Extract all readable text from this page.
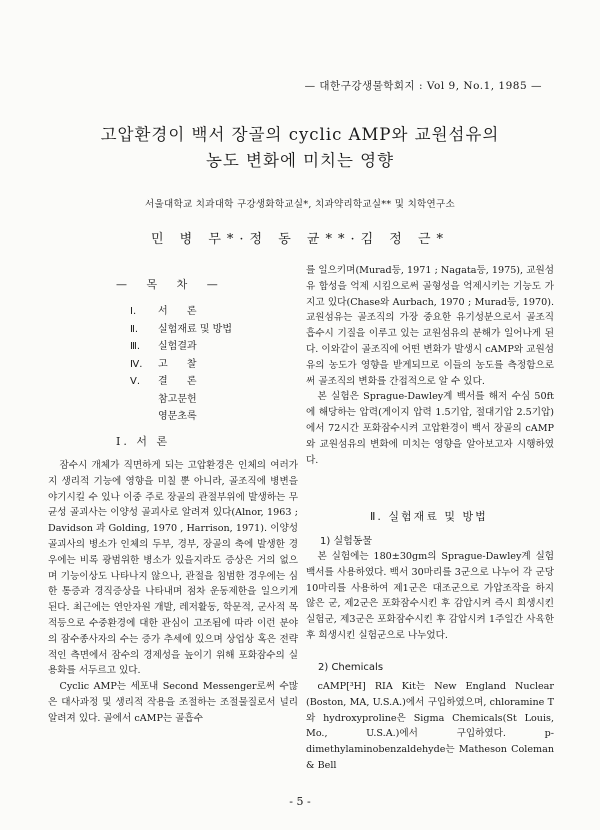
— 대한구강생물학회지 : Vol 9, No.1, 1985 —
고압환경이 백서 장골의 cyclic AMP와 교원섬유의
농도 변화에 미치는 영향
서울대학교 치과대학 구강생화학교실*, 치과약리학교실** 및 치학연구소
민 병 무*·정 동 균**·김 정 근*
— 목 차 —
Ⅰ.	서 론
Ⅱ.	실험재료 및 방법
Ⅲ.	실험결과
Ⅳ.	고 찰
Ⅴ.	결 론
참고문헌
영문초록
Ⅰ. 서 론

잠수시 개체가 직면하게 되는 고압환경은 인체의 여러가지 생리적 기능에 영향을 미칠 뿐 아니라, 골조직에 병변을 야기시킬 수 있나 이중 주로 장골의 관절부위에 발생하는 무균성 골괴사는 이양성 골괴사로 알려져 있다(Alnor, 1963 ; Davidson 과 Golding, 1970 , Harrison, 1971). 이양성 골괴사의 병소가 인체의 두부, 경부, 장골의 축에 발생한 경우에는 비록 광범위한 병소가 있을지라도 증상은 거의 없으며 기능이상도 나타나지 않으나, 관절을 침범한 경우에는 심한 통증과 경직증상을 나타내며 점차 운동제한을 일으키게 된다. 최근에는 연안자원 개발, 레저활동, 학문적, 군사적 목적등으로 수중환경에 대한 관심이 고조됨에 따라 이런 분야의 잠수종사자의 수는 증가 추세에 있으며 상업상 혹은 전략적인 측면에서 잠수의 경제성을 높이기 위해 포화잠수의 실용화를 서두르고 있다.

Cyclic AMP는 세포내 Second Messenger로써 수많은 대사과정 및 생리적 작용을 조절하는 조절물질로서 널리 알려져 있다. 골에서 cAMP는 골흡수

를 일으키며(Murad등, 1971 ; Nagata등, 1975), 교원섬유 합성을 억제 시킴으로써 골형성을 억제시키는 기능도 가지고 있다(Chase와 Aurbach, 1970 ; Murad등, 1970). 교원섬유는 골조직의 가장 중요한 유기성분으로서 골조직 흡수시 기질을 이루고 있는 교원섬유의 분해가 일어나게 된다. 이와같이 골조직에 어떤 변화가 발생시 cAMP와 교원섬유의 농도가 영향을 받게되므로 이들의 농도를 측정함으로써 골조직의 변화를 간접적으로 알 수 있다.

본 실험은 Sprague-Dawley계 백서를 해저 수심 50ft에 해당하는 압력(게이지 압력 1.5기압, 절대기압 2.5기압)에서 72시간 포화잠수시켜 고압환경이 백서 장골의 cAMP와 교원섬유의 변화에 미치는 영향을 알아보고자 시행하였다.

Ⅱ. 실험재료 및 방법
1) 실험동물

본 실험에는 180±30gm의 Sprague-Dawley계 실험백서를 사용하였다. 백서 30마리를 3군으로 나누어 각 군당 10마리를 사용하여 제1군은 대조군으로 가압조작을 하지 않은 군, 제2군은 포화잠수시킨 후 감압시켜 즉시 희생시킨 실험군, 제3군은 포화잠수시킨 후 감압시켜 1주일간 사육한 후 희생시킨 실험군으로 나누었다.

2) Chemicals

cAMP[³H] RIA Kit는 New England Nuclear (Boston, MA, U.S.A.)에서 구입하였으며, chloramine T와 hydroxyproline은 Sigma Chemicals(St Louis, Mo., U.S.A.)에서 구입하였다. p-dimethylaminobenzaldehyde는 Matheson Coleman & Bell

- 5 -
